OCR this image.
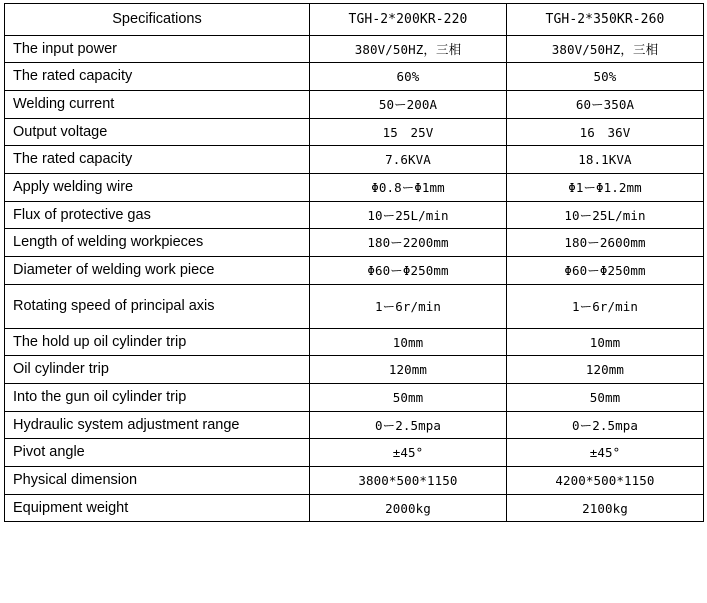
Specifications	TGH-2*200KR-220	TGH-2*350KR-260

The input power	380V/50HZ，三相	380V/50HZ，三相

The rated capacity	60%	50%

Welding current	50ー200A	60ー350A

Output voltage	15　25V	16　36V

The rated capacity	7.6KVA	18.1KVA

Apply welding wire	Φ0.8ーΦ1mm	Φ1ーΦ1.2mm

Flux of protective gas	10ー25L/min	10ー25L/min

Length of welding workpieces	180ー2200mm	180ー2600mm

Diameter of welding work piece	Φ60ーΦ250mm	Φ60ーΦ250mm

Rotating speed of principal axis	1ー6r/min	1ー6r/min

The hold up oil cylinder trip	10mm	10mm

Oil cylinder trip	120mm	120mm

Into the gun oil cylinder trip	50mm	50mm

Hydraulic system adjustment range	0ー2.5mpa	0ー2.5mpa

Pivot angle	±45°	±45°

Physical dimension	3800*500*1150	4200*500*1150

Equipment weight	2000kg	2100kg
